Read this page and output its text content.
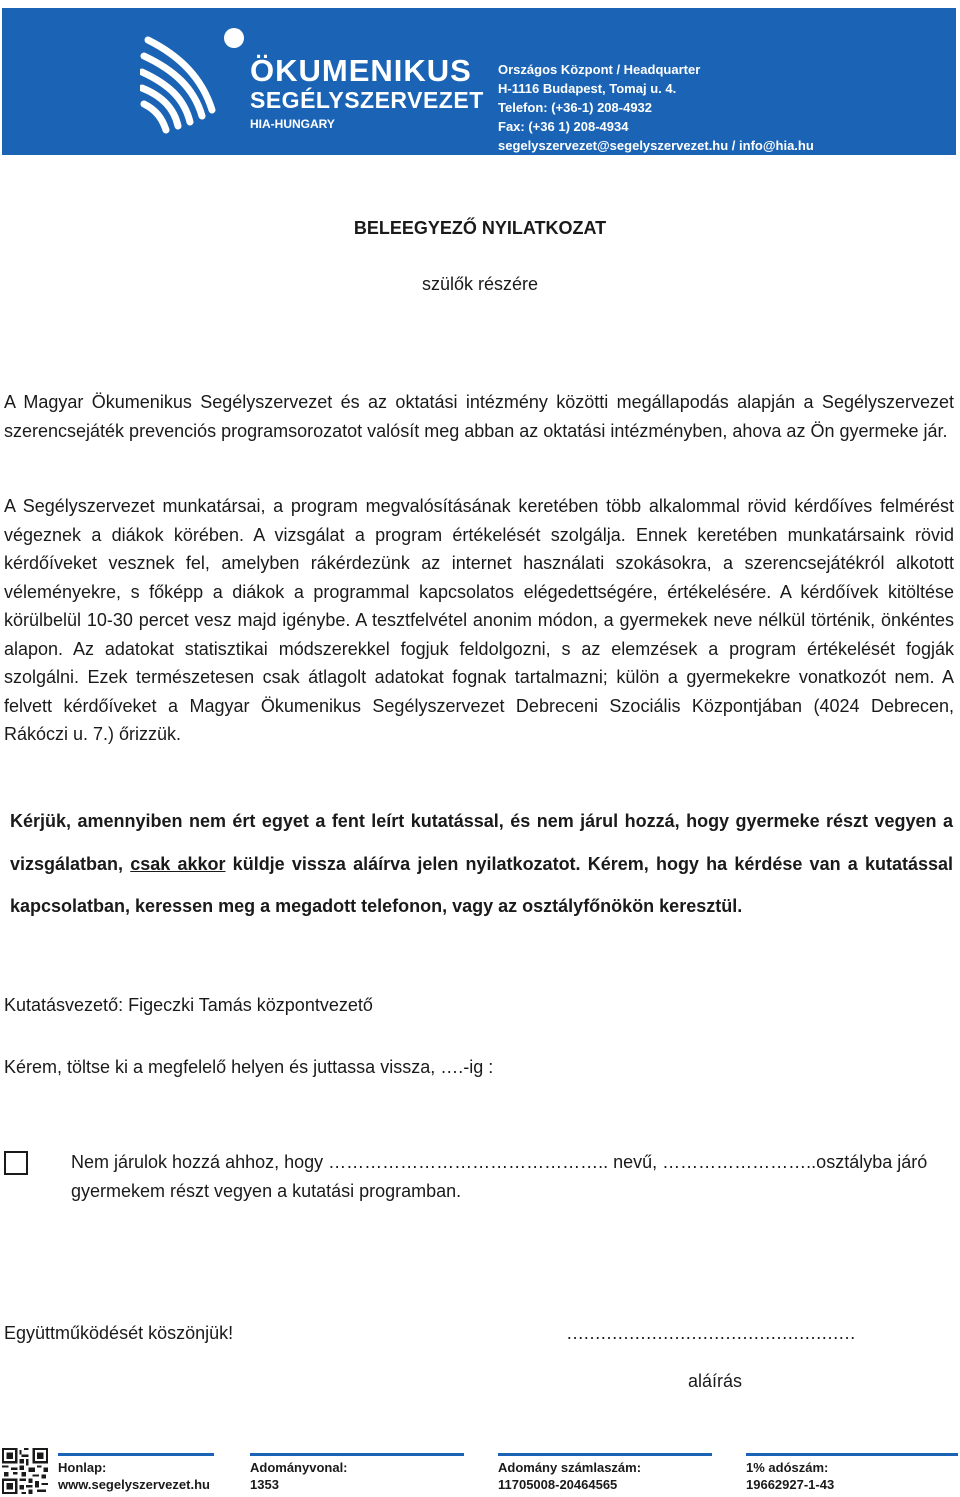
ÖKUMENIKUS
SEGÉLYSZERVEZET
HIA-HUNGARY
Országos Központ / Headquarter
H-1116 Budapest, Tomaj u. 4.
Telefon: (+36-1) 208-4932
Fax: (+36 1) 208-4934
segelyszervezet@segelyszervezet.hu / info@hia.hu
BELEEGYEZŐ NYILATKOZAT
szülők részére

A Magyar Ökumenikus Segélyszervezet és az oktatási intézmény közötti megállapodás alapján a Segélyszervezet szerencsejáték prevenciós programsorozatot valósít meg abban az oktatási intézményben, ahova az Ön gyermeke jár.

A Segélyszervezet munkatársai, a program megvalósításának keretében több alkalommal rövid kérdőíves felmérést végeznek a diákok körében. A vizsgálat a program értékelését szolgálja. Ennek keretében munkatársaink rövid kérdőíveket vesznek fel, amelyben rákérdezünk az internet használati szokásokra, a szerencsejátékról alkotott véleményekre, s főképp a diákok a programmal kapcsolatos elégedettségére, értékelésére. A kérdőívek kitöltése körülbelül 10-30 percet vesz majd igénybe. A tesztfelvétel anonim módon, a gyermekek neve nélkül történik, önkéntes alapon. Az adatokat statisztikai módszerekkel fogjuk feldolgozni, s az elemzések a program értékelését fogják szolgálni. Ezek természetesen csak átlagolt adatokat fognak tartalmazni; külön a gyermekekre vonatkozót nem. A felvett kérdőíveket a Magyar Ökumenikus Segélyszervezet Debreceni Szociális Központjában (4024 Debrecen, Rákóczi u. 7.) őrizzük.

Kérjük, amennyiben nem ért egyet a fent leírt kutatással, és nem járul hozzá, hogy gyermeke részt vegyen a vizsgálatban, csak akkor küldje vissza aláírva jelen nyilatkozatot. Kérem, hogy ha kérdése van a kutatással kapcsolatban, keressen meg a megadott telefonon, vagy az osztályfőnökön keresztül.

Kutatásvezető: Figeczki Tamás központvezető
Kérem, töltse ki a megfelelő helyen és juttassa vissza, ….-ig :

Nem járulok hozzá ahhoz, hogy ……………………………………….. nevű, ……………………..osztályba járó gyermekem részt vegyen a kutatási programban.

Együttműködését köszönjük!	……………………………………………
aláírás
Honlap:
www.segelyszervezet.hu
Adományvonal:
1353
Adomány számlaszám:
11705008-20464565
1% adószám:
19662927-1-43
